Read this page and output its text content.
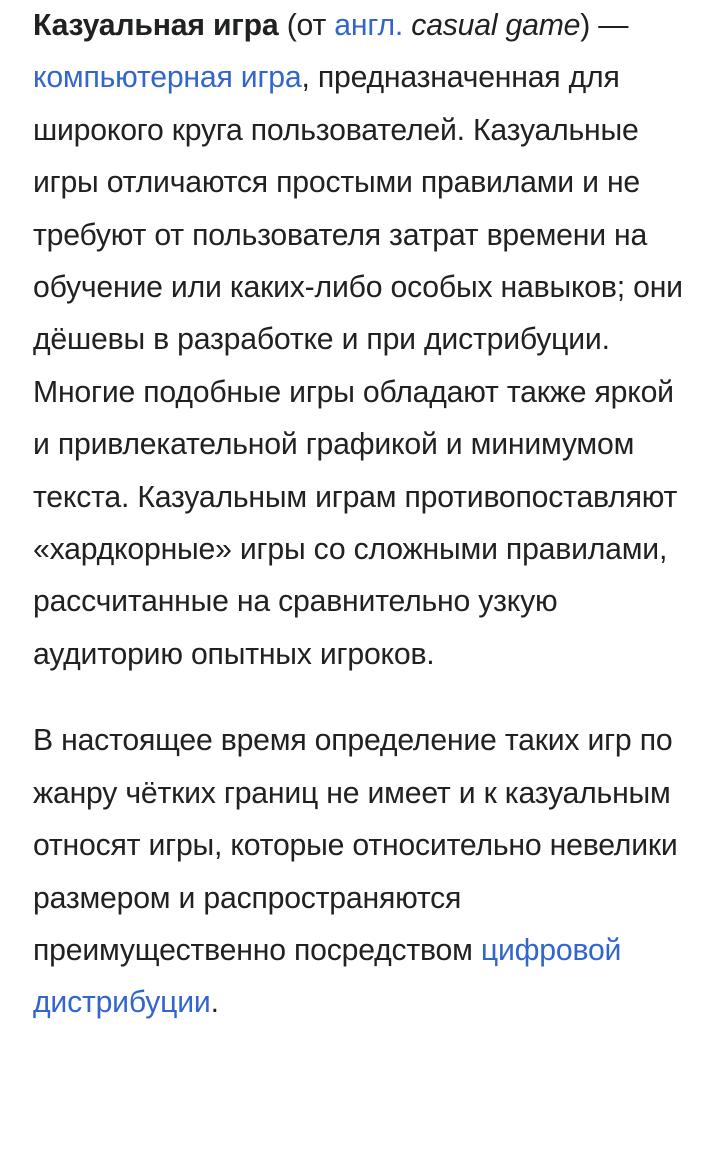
Казуальная игра (от англ. casual game) — компьютерная игра, предназначенная для широкого круга пользователей. Казуальные игры отличаются простыми правилами и не требуют от пользователя затрат времени на обучение или каких-либо особых навыков; они дёшевы в разработке и при дистрибуции. Многие подобные игры обладают также яркой и привлекательной графикой и минимумом текста. Казуальным играм противопоставляют «хардкорные» игры со сложными правилами, рассчитанные на сравнительно узкую аудиторию опытных игроков.

В настоящее время определение таких игр по жанру чётких границ не имеет и к казуальным относят игры, которые относительно невелики размером и распространяются преимущественно посредством цифровой дистрибуции.
